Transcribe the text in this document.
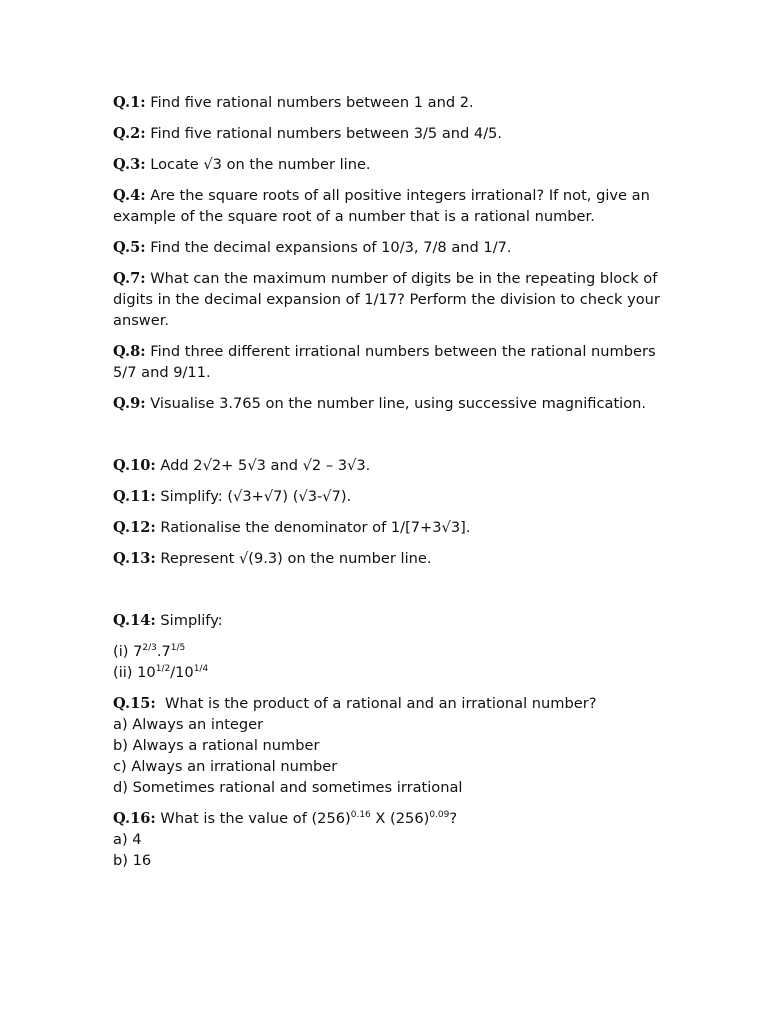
Q.1: Find five rational numbers between 1 and 2.

Q.2: Find five rational numbers between 3/5 and 4/5.

Q.3: Locate √3 on the number line.

Q.4: Are the square roots of all positive integers irrational? If not, give an example of the square root of a number that is a rational number.

Q.5: Find the decimal expansions of 10/3, 7/8 and 1/7.

Q.7: What can the maximum number of digits be in the repeating block of digits in the decimal expansion of 1/17? Perform the division to check your answer.

Q.8: Find three different irrational numbers between the rational numbers 5/7 and 9/11.

Q.9: Visualise 3.765 on the number line, using successive magnification.

Q.10: Add 2√2+ 5√3 and √2 – 3√3.

Q.11: Simplify: (√3+√7) (√3-√7).

Q.12: Rationalise the denominator of 1/[7+3√3].

Q.13: Represent √(9.3) on the number line.

Q.14: Simplify:

(i) $7^{2/3}.7^{1/5}$
(ii) $10^{1/2}/10^{1/4}$
Q.15:  What is the product of a rational and an irrational number?
a) Always an integer
b) Always a rational number
c) Always an irrational number
d) Sometimes rational and sometimes irrational
Q.16: What is the value of $(256)^{0.16}$ X $(256)^{0.09}$?
a) 4
b) 16
